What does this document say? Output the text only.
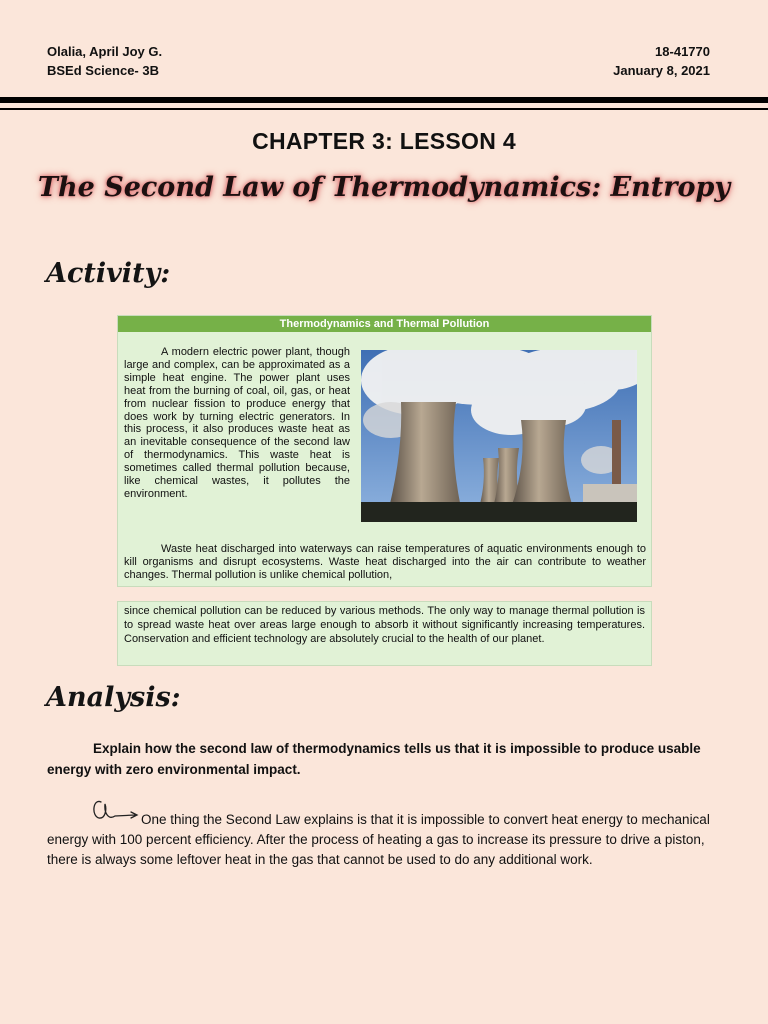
Olalia, April Joy G.
BSEd Science- 3B
18-41770
January 8, 2021
CHAPTER 3: LESSON 4
The Second Law of Thermodynamics: Entropy
Activity:
Thermodynamics and Thermal Pollution
A modern electric power plant, though large and complex, can be approximated as a simple heat engine. The power plant uses heat from the burning of coal, oil, gas, or heat from nuclear fission to produce energy that does work by turning electric generators. In this process, it also produces waste heat as an inevitable consequence of the second law of thermodynamics. This waste heat is sometimes called thermal pollution because, like chemical wastes, it pollutes the environment.
Waste heat discharged into waterways can raise temperatures of aquatic environments enough to kill organisms and disrupt ecosystems. Waste heat discharged into the air can contribute to weather changes. Thermal pollution is unlike chemical pollution,

since chemical pollution can be reduced by various methods. The only way to manage thermal pollution is to spread waste heat over areas large enough to absorb it without significantly increasing temperatures. Conservation and efficient technology are absolutely crucial to the health of our planet.

Analysis:
Explain how the second law of thermodynamics tells us that it is impossible to produce usable energy with zero environmental impact.
One thing the Second Law explains is that it is impossible to convert heat energy to mechanical energy with 100 percent efficiency. After the process of heating a gas to increase its pressure to drive a piston, there is always some leftover heat in the gas that cannot be used to do any additional work.
